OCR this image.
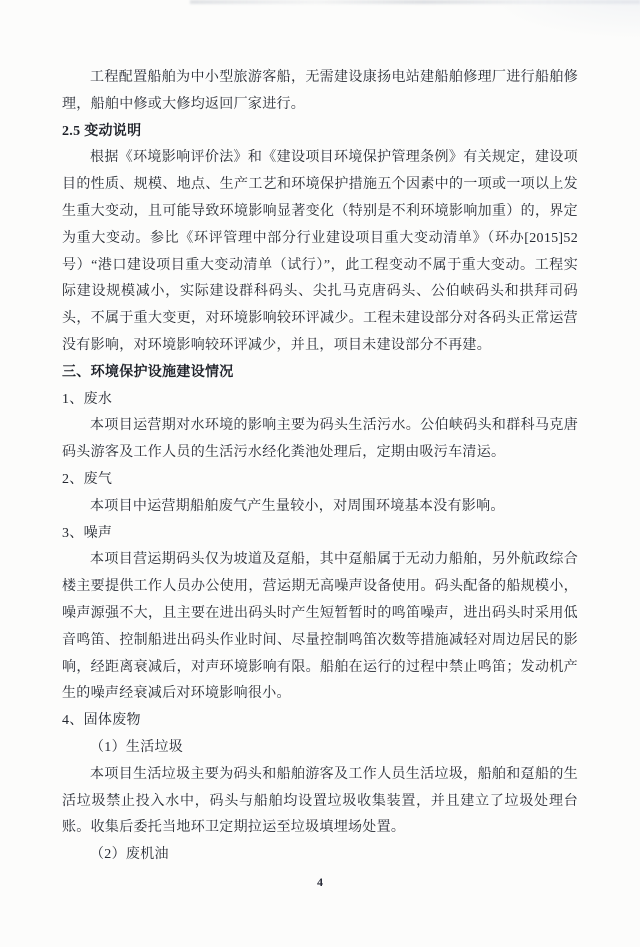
工程配置船舶为中小型旅游客船，无需建设康扬电站建船舶修理厂进行船舶修理，船舶中修或大修均返回厂家进行。
2.5 变动说明
根据《环境影响评价法》和《建设项目环境保护管理条例》有关规定，建设项目的性质、规模、地点、生产工艺和环境保护措施五个因素中的一项或一项以上发生重大变动，且可能导致环境影响显著变化（特别是不利环境影响加重）的，界定为重大变动。参比《环评管理中部分行业建设项目重大变动清单》（环办[2015]52 号）“港口建设项目重大变动清单（试行）”，此工程变动不属于重大变动。工程实际建设规模减小，实际建设群科码头、尖扎马克唐码头、公伯峡码头和拱拜司码头，不属于重大变更，对环境影响较环评减少。工程未建设部分对各码头正常运营没有影响，对环境影响较环评减少，并且，项目未建设部分不再建。
三、环境保护设施建设情况
1、废水
本项目运营期对水环境的影响主要为码头生活污水。公伯峡码头和群科马克唐码头游客及工作人员的生活污水经化粪池处理后，定期由吸污车清运。
2、废气
本项目中运营期船舶废气产生量较小，对周围环境基本没有影响。
3、噪声
本项目营运期码头仅为坡道及趸船，其中趸船属于无动力船舶，另外航政综合楼主要提供工作人员办公使用，营运期无高噪声设备使用。码头配备的船规模小，噪声源强不大，且主要在进出码头时产生短暂暂时的鸣笛噪声，进出码头时采用低音鸣笛、控制船进出码头作业时间、尽量控制鸣笛次数等措施减轻对周边居民的影响，经距离衰减后，对声环境影响有限。船舶在运行的过程中禁止鸣笛；发动机产生的噪声经衰减后对环境影响很小。
4、固体废物
（1）生活垃圾
本项目生活垃圾主要为码头和船舶游客及工作人员生活垃圾，船舶和趸船的生活垃圾禁止投入水中，码头与船舶均设置垃圾收集装置，并且建立了垃圾处理台账。收集后委托当地环卫定期拉运至垃圾填埋场处置。
（2）废机油
4
